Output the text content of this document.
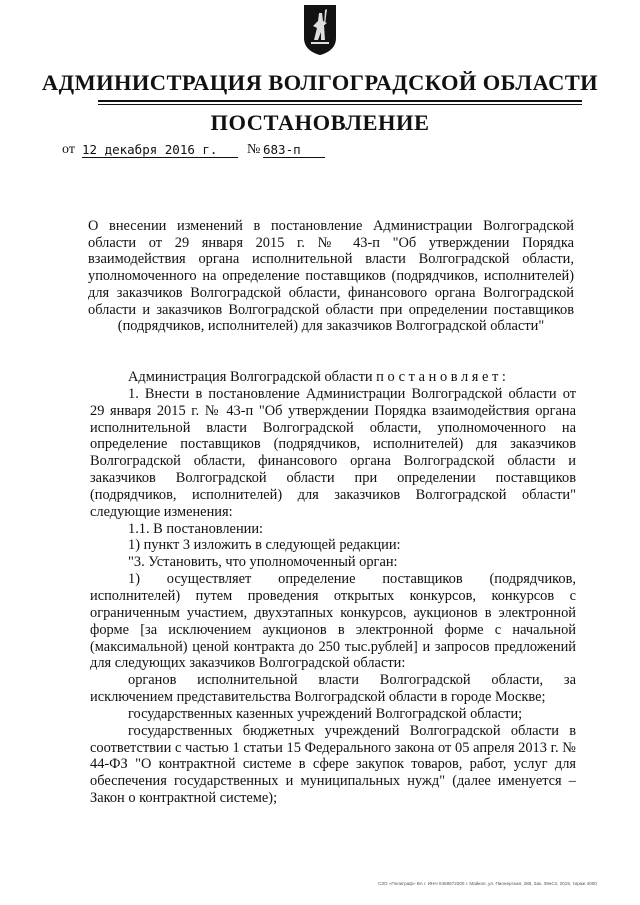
АДМИНИСТРАЦИЯ ВОЛГОГРАДСКОЙ ОБЛАСТИ
ПОСТАНОВЛЕНИЕ
от 12 декабря 2016 г.	№ 683-п
О внесении изменений в постановление Администрации Волгоградской области от 29 января 2015 г. № 43-п "Об утверждении Порядка взаимодействия органа исполнительной власти Волгоградской области, уполномоченного на определение поставщиков (подрядчиков, исполнителей) для заказчиков Волгоградской области, финансового органа Волгоградской области и заказчиков Волгоградской области при определении поставщиков (подрядчиков, исполнителей) для заказчиков Волгоградской области"

Администрация Волгоградской области постановляет:

1. Внести в постановление Администрации Волгоградской области от 29 января 2015 г. № 43-п "Об утверждении Порядка взаимодействия органа исполнительной власти Волгоградской области, уполномоченного на определение поставщиков (подрядчиков, исполнителей) для заказчиков Волгоградской области, финансового органа Волгоградской области и заказчиков Волгоградской области при определении поставщиков (подрядчиков, исполнителей) для заказчиков Волгоградской области" следующие изменения:

1.1. В постановлении:

1) пункт 3 изложить в следующей редакции:

"3. Установить, что уполномоченный орган:

1) осуществляет определение поставщиков (подрядчиков, исполнителей) путем проведения открытых конкурсов, конкурсов с ограниченным участием, двухэтапных конкурсов, аукционов в электронной форме [за исключением аукционов в электронной форме с начальной (максимальной) ценой контракта до 250 тыс.рублей] и запросов предложений для следующих заказчиков Волгоградской области:

органов исполнительной власти Волгоградской области, за исключением представительства Волгоградской области в городе Москве;

государственных казенных учреждений Волгоградской области;

государственных бюджетных учреждений Волгоградской области в соответствии с частью 1 статьи 15 Федерального закона от 05 апреля 2013 г. № 44-ФЗ "О контрактной системе в сфере закупок товаров, работ, услуг для обеспечения государственных и муниципальных нужд" (далее именуется – Закон о контрактной системе);

СЗО «Полиграф» ВА г. ИНН 0468672300 г. Майкоп, ул. Пионерская, 288, Зак. 39нСп, 2015, тираж 4000
